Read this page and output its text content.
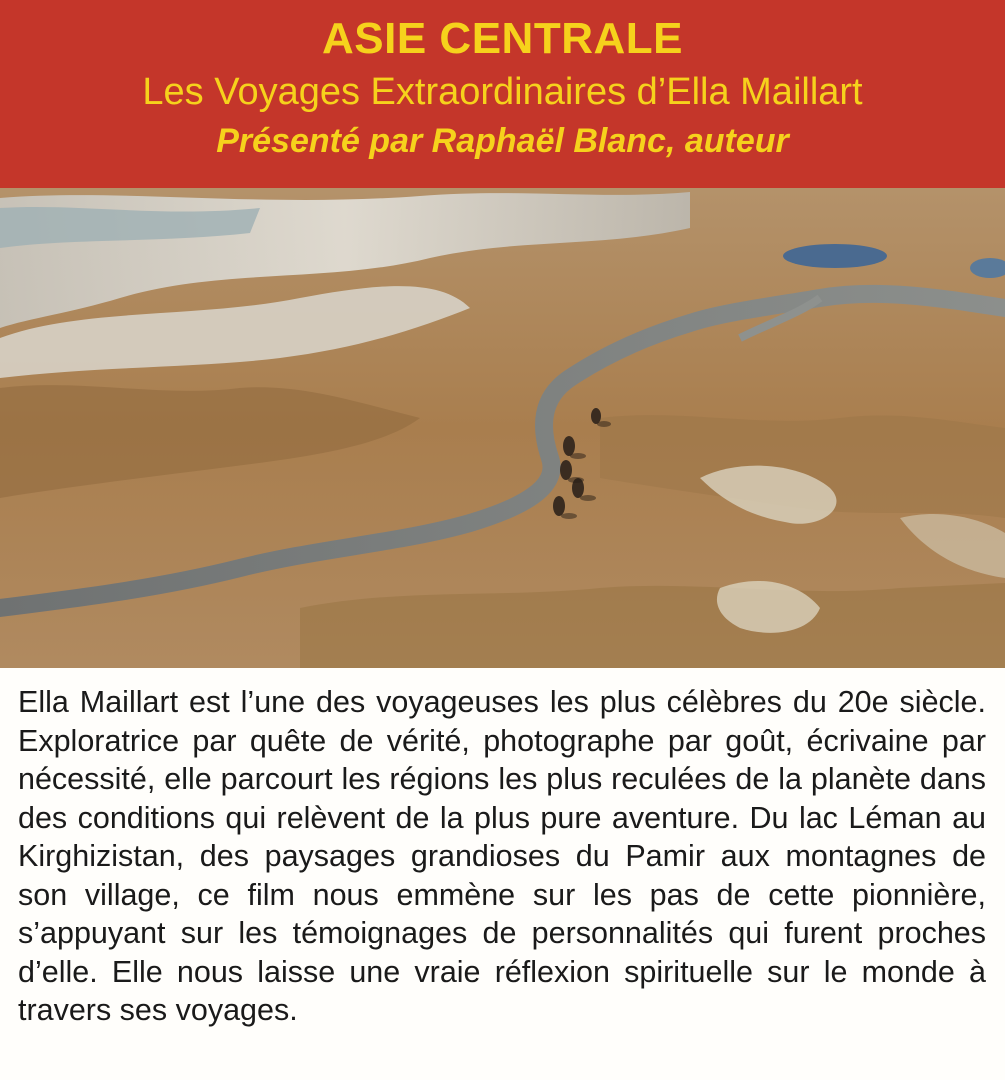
ASIE CENTRALE
Les Voyages Extraordinaires d’Ella Maillart
Présenté par Raphaël Blanc, auteur

Ella Maillart est l’une des voyageuses les plus célèbres du 20e siècle. Exploratrice par quête de vérité, photographe par goût, écrivaine par nécessité, elle parcourt les régions les plus reculées de la planète dans des conditions qui relèvent de la plus pure aventure. Du lac Léman au Kirghizistan, des paysages grandioses du Pamir aux montagnes de son village, ce film nous emmène sur les pas de cette pionnière, s’appuyant sur les témoignages de personnalités qui furent proches d’elle. Elle nous laisse une vraie réflexion spirituelle sur le monde à travers ses voyages.
